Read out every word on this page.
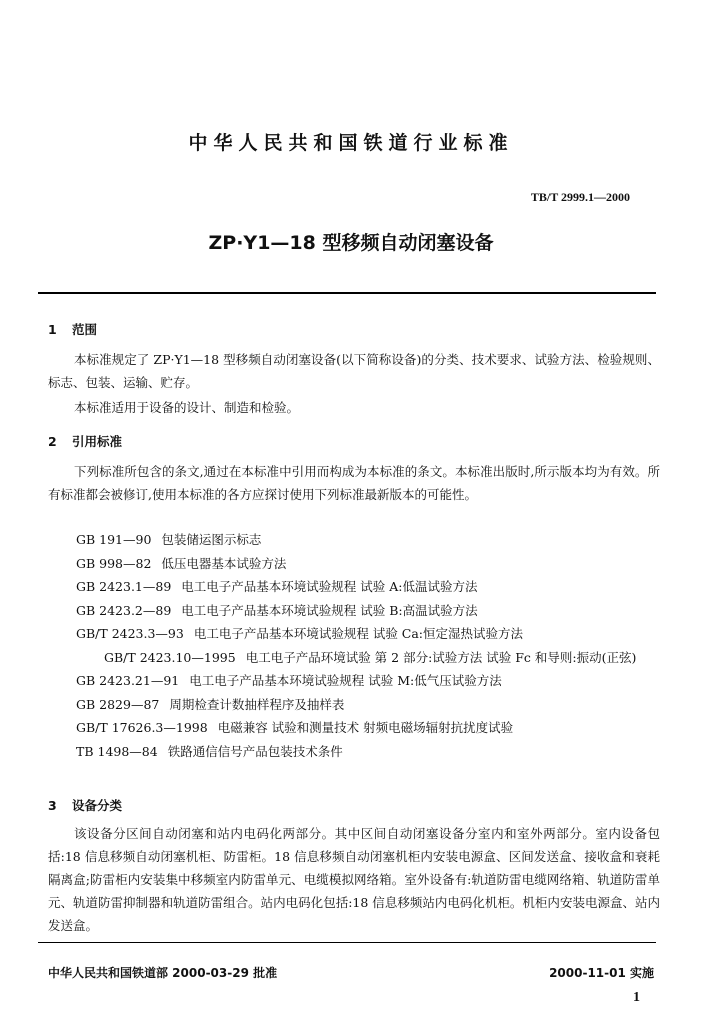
中华人民共和国铁道行业标准
TB/T 2999.1—2000
ZP·Y1—18 型移频自动闭塞设备
1 范围
本标准规定了 ZP·Y1—18 型移频自动闭塞设备(以下简称设备)的分类、技术要求、试验方法、检验规则、标志、包装、运输、贮存。
本标准适用于设备的设计、制造和检验。
2 引用标准
下列标准所包含的条文,通过在本标准中引用而构成为本标准的条文。本标准出版时,所示版本均为有效。所有标准都会被修订,使用本标准的各方应探讨使用下列标准最新版本的可能性。
GB 191—90 包装储运图示标志
GB 998—82 低压电器基本试验方法
GB 2423.1—89 电工电子产品基本环境试验规程 试验 A:低温试验方法
GB 2423.2—89 电工电子产品基本环境试验规程 试验 B:高温试验方法
GB/T 2423.3—93 电工电子产品基本环境试验规程 试验 Ca:恒定湿热试验方法
GB/T 2423.10—1995 电工电子产品环境试验 第 2 部分:试验方法 试验 Fc 和导则:振动(正弦)
GB 2423.21—91 电工电子产品基本环境试验规程 试验 M:低气压试验方法
GB 2829—87 周期检查计数抽样程序及抽样表
GB/T 17626.3—1998 电磁兼容 试验和测量技术 射频电磁场辐射抗扰度试验
TB 1498—84 铁路通信信号产品包装技术条件
3 设备分类
该设备分区间自动闭塞和站内电码化两部分。其中区间自动闭塞设备分室内和室外两部分。室内设备包括:18 信息移频自动闭塞机柜、防雷柜。18 信息移频自动闭塞机柜内安装电源盒、区间发送盒、接收盒和衰耗隔离盒;防雷柜内安装集中移频室内防雷单元、电缆模拟网络箱。室外设备有:轨道防雷电缆网络箱、轨道防雷单元、轨道防雷抑制器和轨道防雷组合。站内电码化包括:18 信息移频站内电码化机柜。机柜内安装电源盒、站内发送盒。
中华人民共和国铁道部 2000-03-29 批准	2000-11-01 实施
1
